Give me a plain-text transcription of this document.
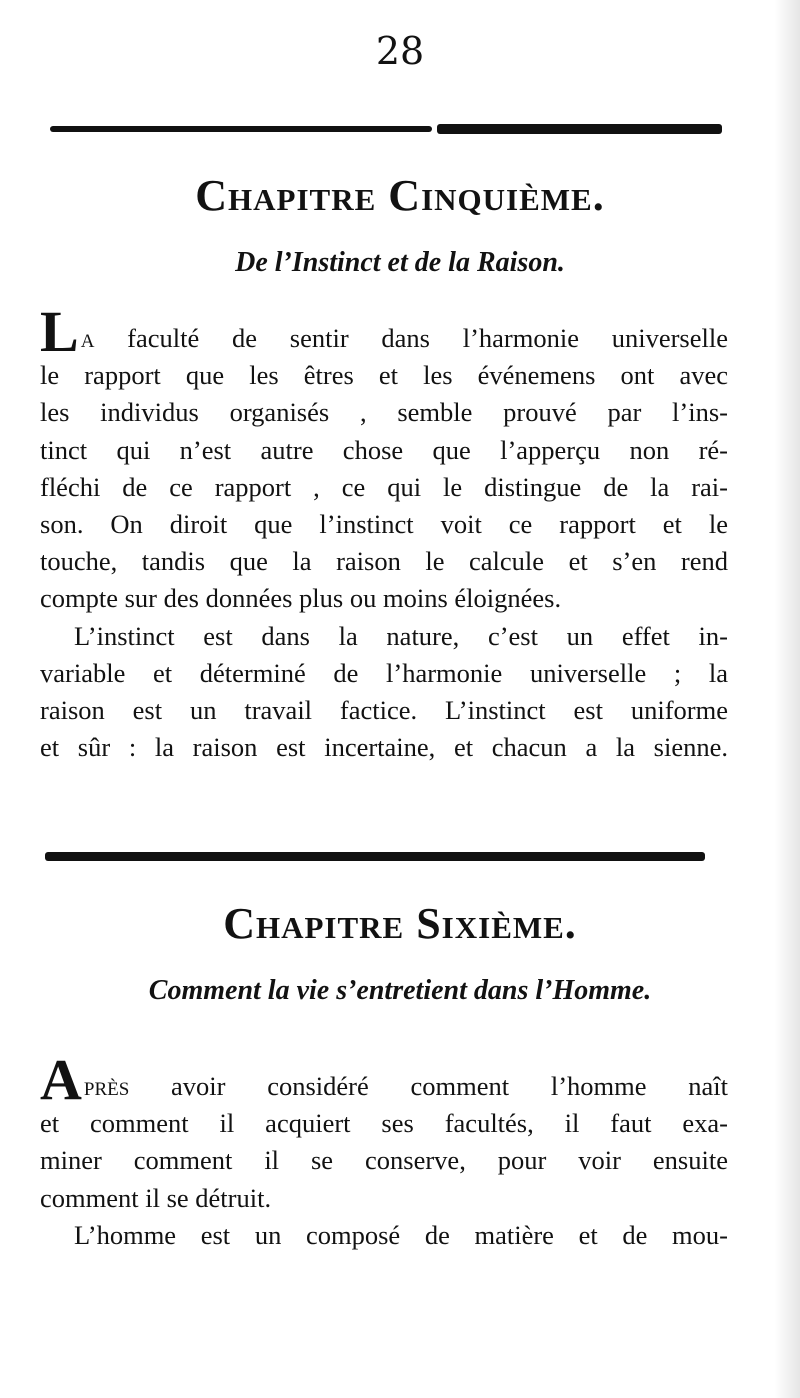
28
Chapitre Cinquième.
De l’Instinct et de la Raison.
La faculté de sentir dans l’harmonie universelle
le rapport que les êtres et les événemens ont avec
les individus organisés , semble prouvé par l’ins-
tinct qui n’est autre chose que l’apperçu non ré-
fléchi de ce rapport , ce qui le distingue de la rai-
son. On diroit que l’instinct voit ce rapport et le
touche, tandis que la raison le calcule et s’en rend
compte sur des données plus ou moins éloignées.
L’instinct est dans la nature, c’est un effet in-
variable et déterminé de l’harmonie universelle ; la
raison est un travail factice. L’instinct est uniforme
et sûr : la raison est incertaine, et chacun a la sienne.
Chapitre Sixième.
Comment la vie s’entretient dans l’Homme.
Après avoir considéré comment l’homme naît
et comment il acquiert ses facultés, il faut exa-
miner comment il se conserve, pour voir ensuite
comment il se détruit.
L’homme est un composé de matière et de mou-
